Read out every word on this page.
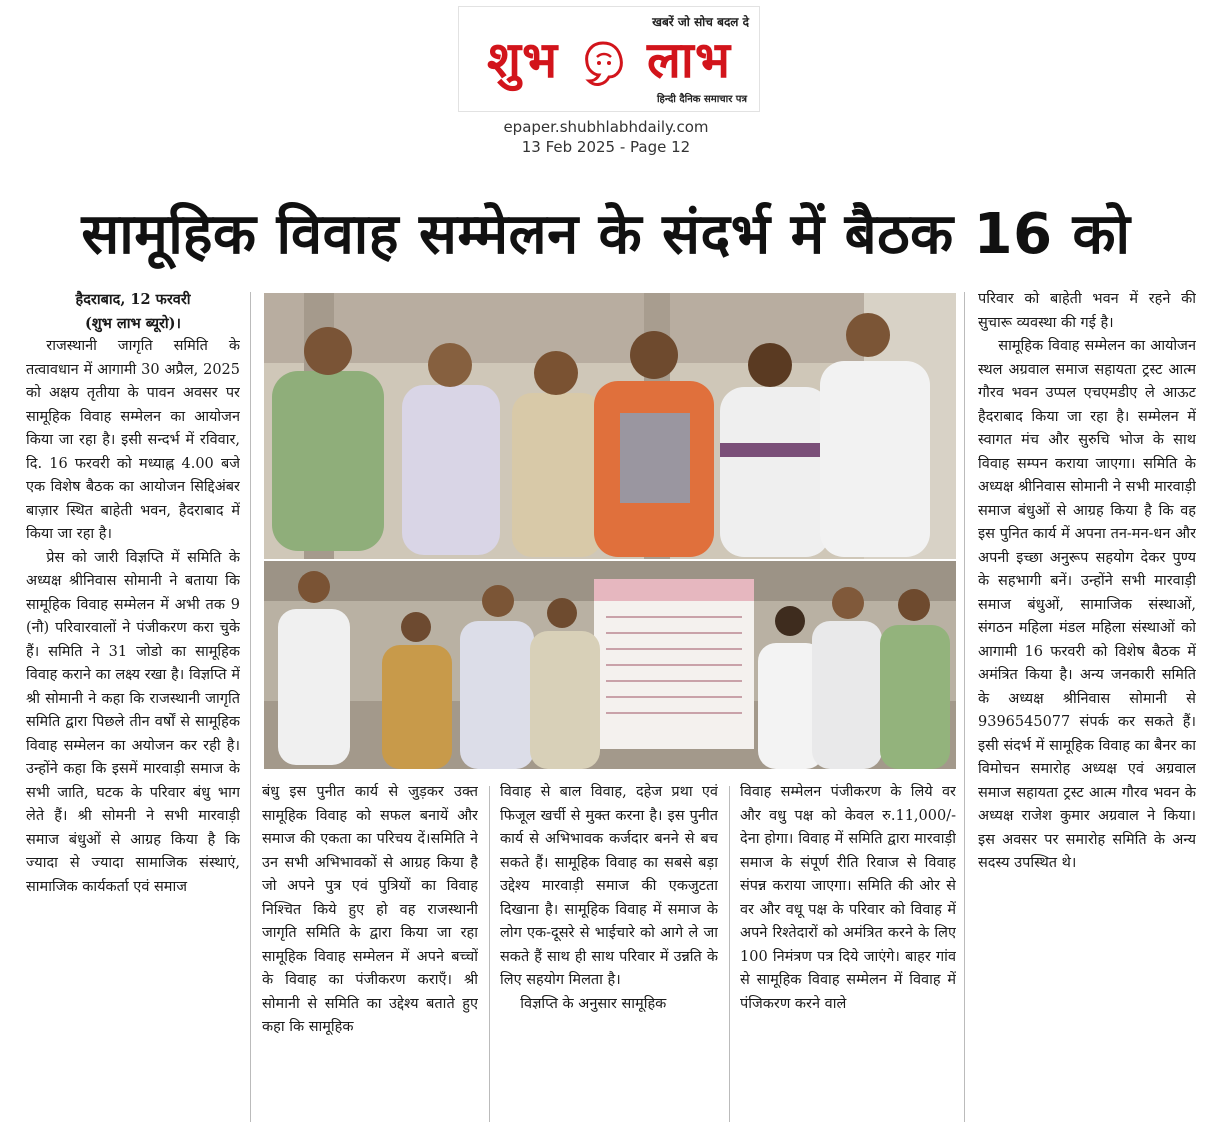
खबरें जो सोच बदल दे
शुभ लाभ
हिन्दी दैनिक समाचार पत्र
epaper.shubhlabhdaily.com
13 Feb 2025 - Page 12
सामूहिक विवाह सम्मेलन के संदर्भ में बैठक 16 को

हैदराबाद, 12 फरवरी

(शुभ लाभ ब्यूरो)।

राजस्थानी जागृति समिति के तत्वावधान में आगामी 30 अप्रैल, 2025 को अक्षय तृतीया के पावन अवसर पर सामूहिक विवाह सम्मेलन का आयोजन किया जा रहा है। इसी सन्दर्भ में रविवार, दि. 16 फरवरी को मध्याह्न 4.00 बजे एक विशेष बैठक का आयोजन सिद्दिअंबर बाज़ार स्थित बाहेती भवन, हैदराबाद में किया जा रहा है।

प्रेस को जारी विज्ञप्ति में समिति के अध्यक्ष श्रीनिवास सोमानी ने बताया कि सामूहिक विवाह सम्मेलन में अभी तक 9 (नौ) परिवारवालों ने पंजीकरण करा चुके हैं। समिति ने 31 जोडो का सामूहिक विवाह कराने का लक्ष्य रखा है। विज्ञप्ति में श्री सोमानी ने कहा कि राजस्थानी जागृति समिति द्वारा पिछले तीन वर्षों से सामूहिक विवाह सम्मेलन का अयोजन कर रही है। उन्होंने कहा कि इसमें मारवाड़ी समाज के सभी जाति, घटक के परिवार बंधु भाग लेते हैं। श्री सोमनी ने सभी मारवाड़ी समाज बंधुओं से आग्रह किया है कि ज्यादा से ज्यादा सामाजिक संस्थाएं, सामाजिक कार्यकर्ता एवं समाज

बंधु इस पुनीत कार्य से जुड़कर उक्त सामूहिक विवाह को सफल बनायें और समाज की एकता का परिचय दें।समिति ने उन सभी अभिभावकों से आग्रह किया है जो अपने पुत्र एवं पुत्रियों का विवाह निश्चित किये हुए हो वह राजस्थानी जागृति समिति के द्वारा किया जा रहा सामूहिक विवाह सम्मेलन में अपने बच्चों के विवाह का पंजीकरण कराएँ। श्री सोमानी से समिति का उद्देश्य बताते हुए कहा कि सामूहिक

विवाह से बाल विवाह, दहेज प्रथा एवं फिजूल खर्ची से मुक्त करना है। इस पुनीत कार्य से अभिभावक कर्जदार बनने से बच सकते हैं। सामूहिक विवाह का सबसे बड़ा उद्देश्य मारवाड़ी समाज की एकजुटता दिखाना है। सामूहिक विवाह में समाज के लोग एक-दूसरे से भाईचारे को आगे ले जा सकते हैं साथ ही साथ परिवार में उन्नति के लिए सहयोग मिलता है।

विज्ञप्ति के अनुसार सामूहिक

विवाह सम्मेलन पंजीकरण के लिये वर और वधु पक्ष को केवल रु.11,000/- देना होगा। विवाह में समिति द्वारा मारवाड़ी समाज के संपूर्ण रीति रिवाज से विवाह संपन्न कराया जाएगा। समिति की ओर से वर और वधू पक्ष के परिवार को विवाह में अपने रिश्तेदारों को अमंत्रित करने के लिए 100 निमंत्रण पत्र दिये जाएंगे। बाहर गांव से सामूहिक विवाह सम्मेलन में विवाह में पंजिकरण करने वाले

परिवार को बाहेती भवन में रहने की सुचारू व्यवस्था की गई है।

सामूहिक विवाह सम्मेलन का आयोजन स्थल अग्रवाल समाज सहायता ट्रस्ट आत्म गौरव भवन उप्पल एचएमडीए ले आऊट हैदराबाद किया जा रहा है। सम्मेलन में स्वागत मंच और सुरुचि भोज के साथ विवाह सम्पन कराया जाएगा। समिति के अध्यक्ष श्रीनिवास सोमानी ने सभी मारवाड़ी समाज बंधुओं से आग्रह किया है कि वह इस पुनित कार्य में अपना तन-मन-धन और अपनी इच्छा अनुरूप सहयोग देकर पुण्य के सहभागी बनें। उन्होंने सभी मारवाड़ी समाज बंधुओं, सामाजिक संस्थाओं, संगठन महिला मंडल महिला संस्थाओं को आगामी 16 फरवरी को विशेष बैठक में अमंत्रित किया है। अन्य जनकारी समिति के अध्यक्ष श्रीनिवास सोमानी से 9396545077 संपर्क कर सकते हैं। इसी संदर्भ में सामूहिक विवाह का बैनर का विमोचन समारोह अध्यक्ष एवं अग्रवाल समाज सहायता ट्रस्ट आत्म गौरव भवन के अध्यक्ष राजेश कुमार अग्रवाल ने किया। इस अवसर पर समारोह समिति के अन्य सदस्य उपस्थित थे।
